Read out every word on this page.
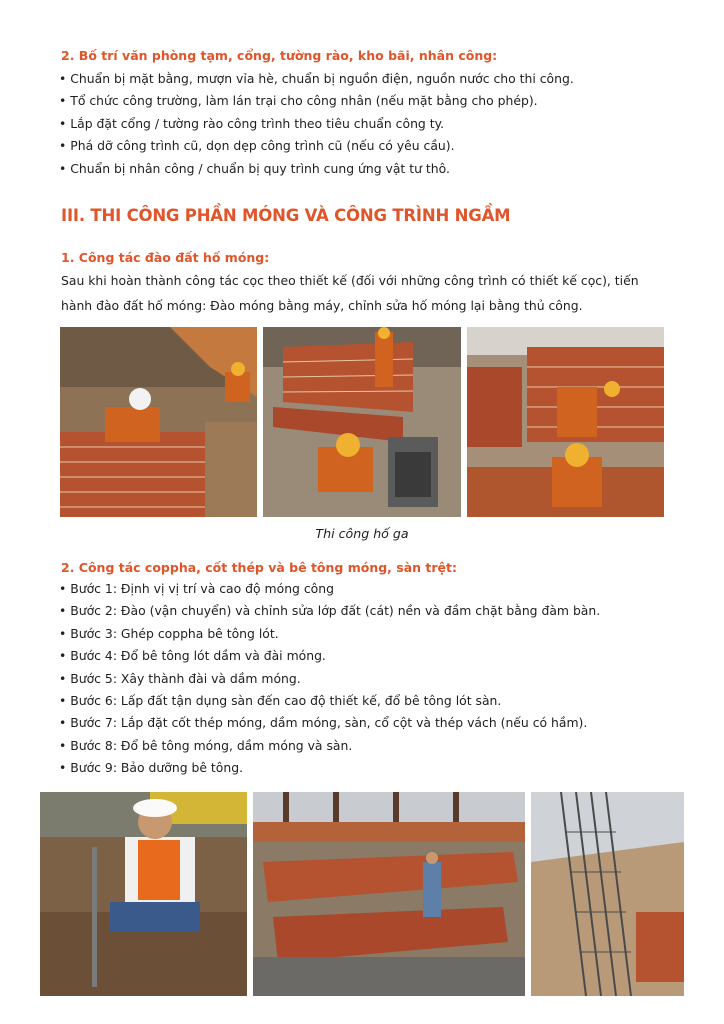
2. Bố trí văn phòng tạm, cổng, tường rào, kho bãi, nhân công:
• Chuẩn bị mặt bằng, mượn vỉa hè, chuẩn bị nguồn điện, nguồn nước cho thi công.
• Tổ chức công trường, làm lán trại cho công nhân (nếu mặt bằng cho phép).
• Lắp đặt cổng / tường rào công trình theo tiêu chuẩn công ty.
• Phá dỡ công trình cũ, dọn dẹp công trình cũ (nếu có yêu cầu).
• Chuẩn bị nhân công / chuẩn bị quy trình cung ứng vật tư thô.
III. THI CÔNG PHẦN MÓNG VÀ CÔNG TRÌNH NGẦM
1. Công tác đào đất hố móng:

Sau khi hoàn thành công tác cọc theo thiết kế (đối với những công trình có thiết kế cọc), tiến hành đào đất hố móng: Đào móng bằng máy, chỉnh sửa hố móng lại bằng thủ công.

Thi công hố ga
2. Công tác coppha, cốt thép và bê tông móng, sàn trệt:
• Bước 1: Định vị vị trí và cao độ móng công
• Bước 2: Đào (vận chuyển) và chỉnh sửa lớp đất (cát) nền và đầm chặt bằng đàm bàn.
• Bước 3: Ghép coppha bê tông lót.
• Bước 4: Đổ bê tông lót dầm và đài móng.
• Bước 5: Xây thành đài và dầm móng.
• Bước 6: Lấp đất tận dụng sàn đến cao độ thiết kế, đổ bê tông lót sàn.
• Bước 7: Lắp đặt cốt thép móng, dầm móng, sàn, cổ cột và thép vách (nếu có hầm).
• Bước 8: Đổ bê tông móng, dầm móng và sàn.
• Bước 9: Bảo dưỡng bê tông.
